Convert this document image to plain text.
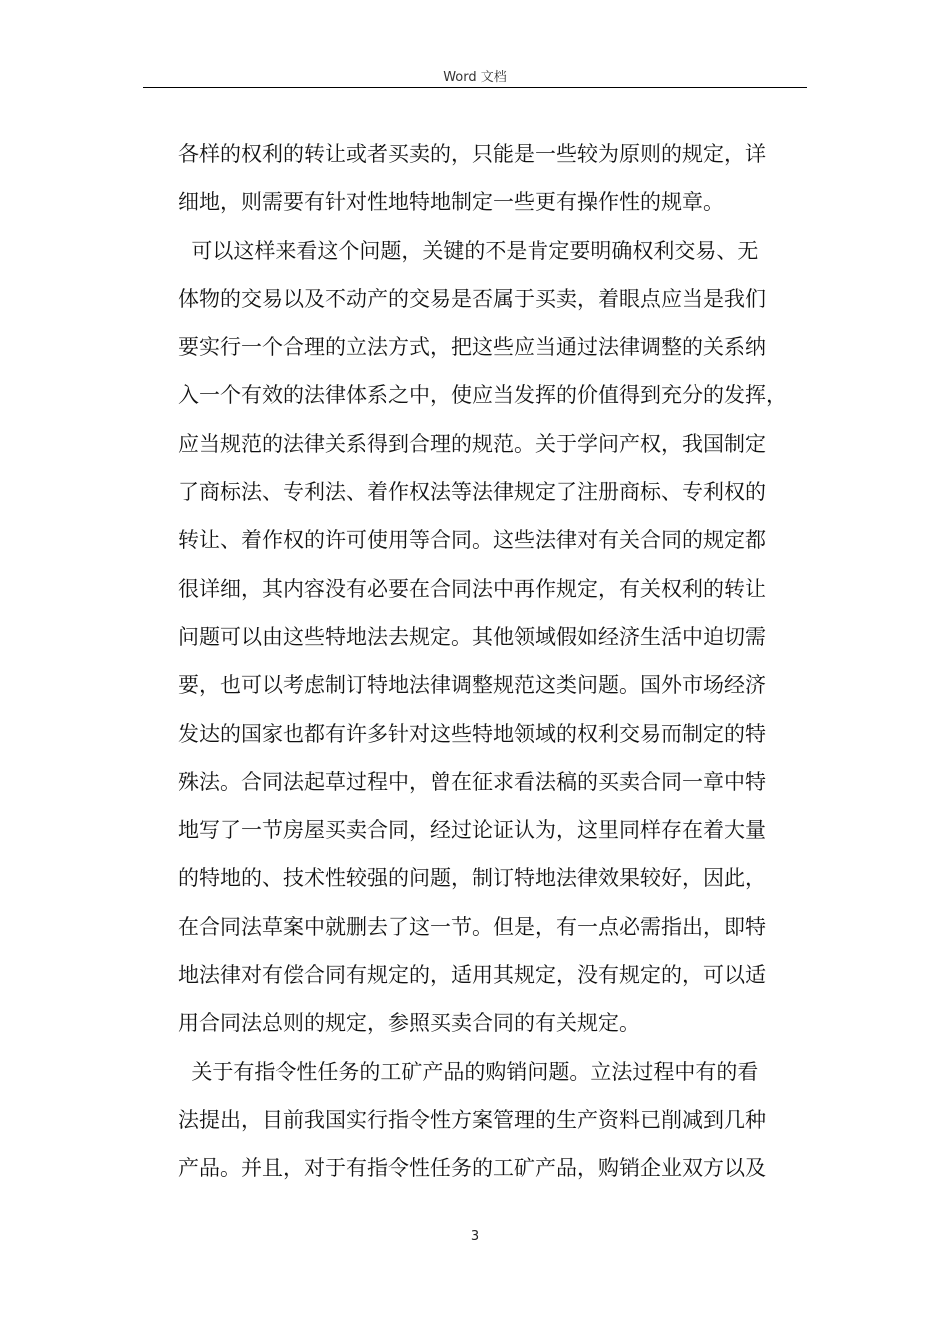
Word 文档
各样的权利的转让或者买卖的，只能是一些较为原则的规定，详
细地，则需要有针对性地特地制定一些更有操作性的规章。
可以这样来看这个问题，关键的不是肯定要明确权利交易、无
体物的交易以及不动产的交易是否属于买卖，着眼点应当是我们
要实行一个合理的立法方式，把这些应当通过法律调整的关系纳
入一个有效的法律体系之中，使应当发挥的价值得到充分的发挥，
应当规范的法律关系得到合理的规范。关于学问产权，我国制定
了商标法、专利法、着作权法等法律规定了注册商标、专利权的
转让、着作权的许可使用等合同。这些法律对有关合同的规定都
很详细，其内容没有必要在合同法中再作规定，有关权利的转让
问题可以由这些特地法去规定。其他领域假如经济生活中迫切需
要，也可以考虑制订特地法律调整规范这类问题。国外市场经济
发达的国家也都有许多针对这些特地领域的权利交易而制定的特
殊法。合同法起草过程中，曾在征求看法稿的买卖合同一章中特
地写了一节房屋买卖合同，经过论证认为，这里同样存在着大量
的特地的、技术性较强的问题，制订特地法律效果较好，因此，
在合同法草案中就删去了这一节。但是，有一点必需指出，即特
地法律对有偿合同有规定的，适用其规定，没有规定的，可以适
用合同法总则的规定，参照买卖合同的有关规定。
关于有指令性任务的工矿产品的购销问题。立法过程中有的看
法提出，目前我国实行指令性方案管理的生产资料已削减到几种
产品。并且，对于有指令性任务的工矿产品，购销企业双方以及
3
